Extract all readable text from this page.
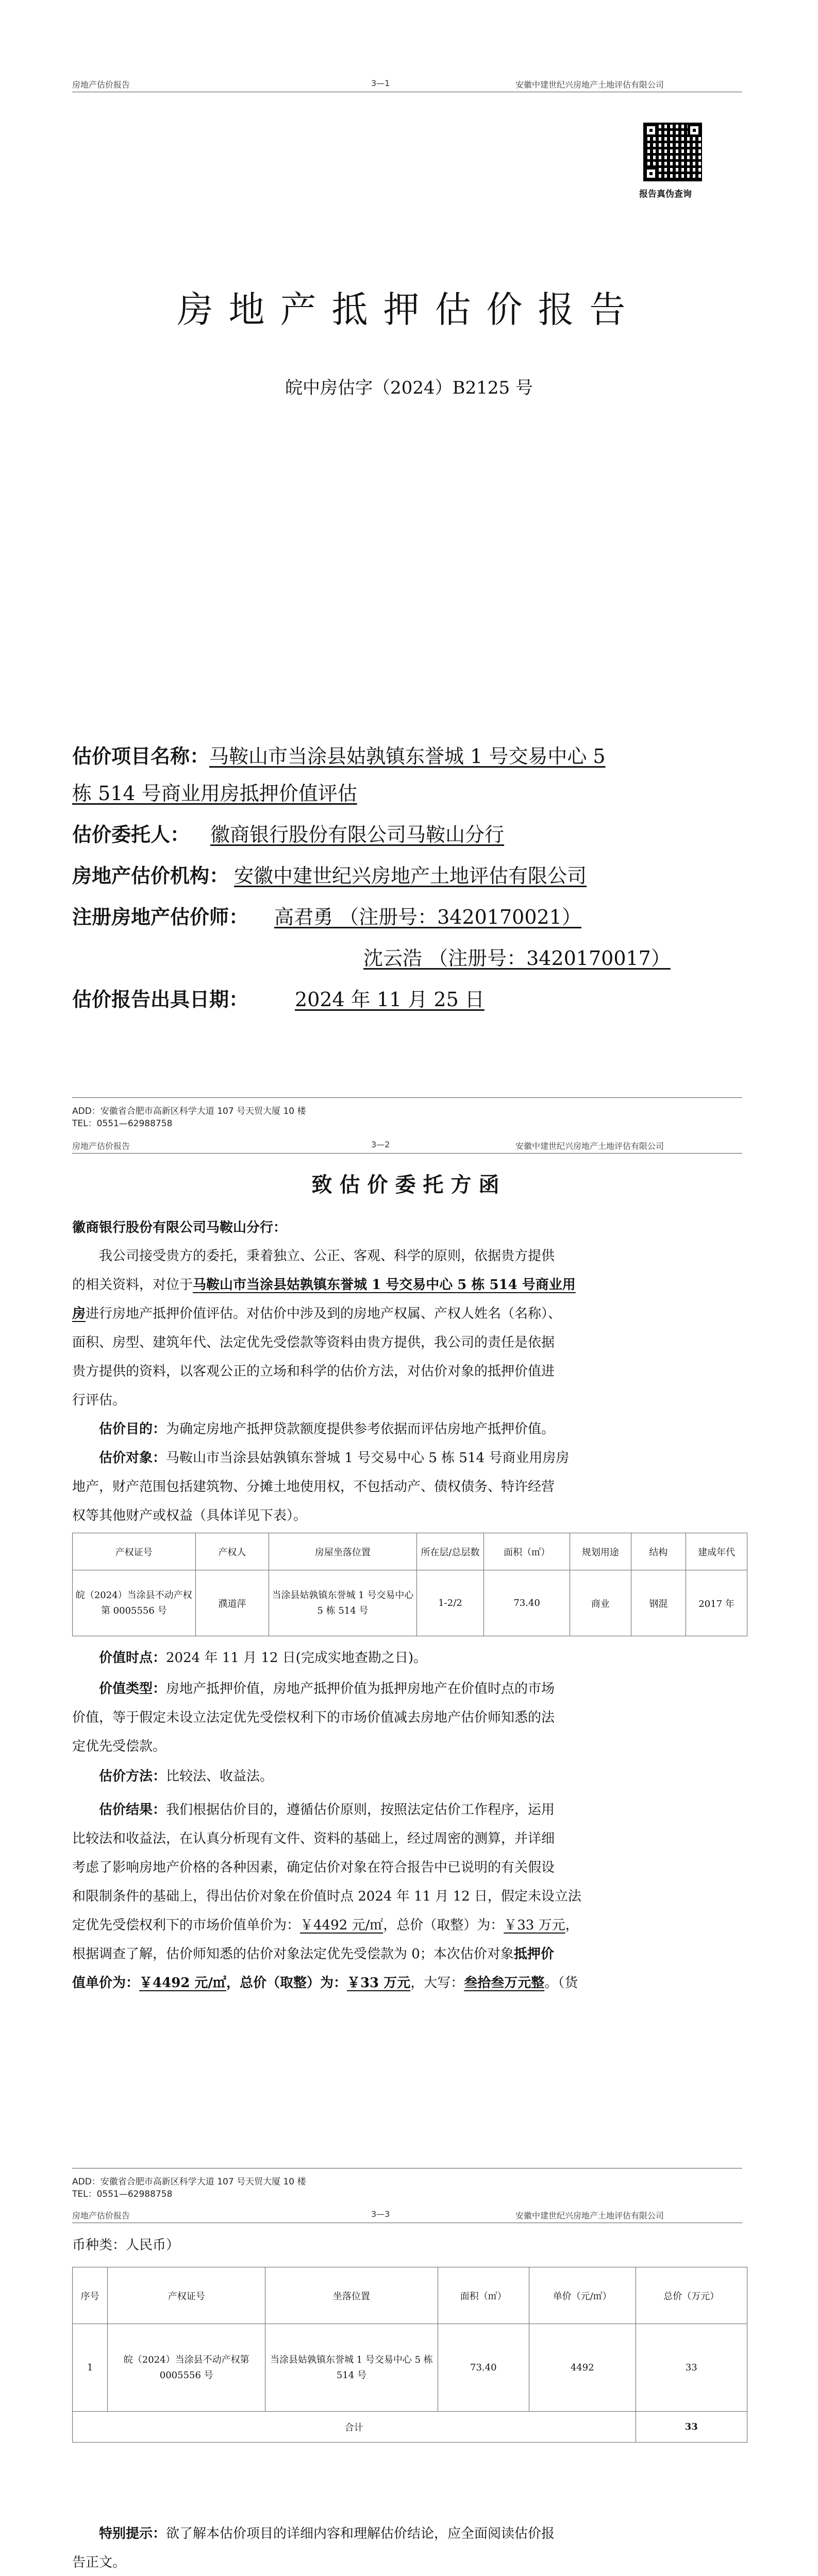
房地产估价报告	3—1	安徽中建世纪兴房地产土地评估有限公司
报告真伪查询
房地产抵押估价报告
皖中房估字（2024）B2125 号
估价项目名称：马鞍山市当涂县姑孰镇东誉城 1 号交易中心 5
栋 514 号商业用房抵押价值评估
估价委托人： 徽商银行股份有限公司马鞍山分行
房地产估价机构： 安徽中建世纪兴房地产土地评估有限公司
注册房地产估价师： 高君勇 （注册号：3420170021）
沈云浩 （注册号：3420170017）
估价报告出具日期： 2024 年 11 月 25 日
ADD：安徽省合肥市高新区科学大道 107 号天贸大厦 10 楼
TEL：0551—62988758
房地产估价报告	3—2	安徽中建世纪兴房地产土地评估有限公司
致估价委托方函
徽商银行股份有限公司马鞍山分行：
我公司接受贵方的委托，秉着独立、公正、客观、科学的原则，依据贵方提供
的相关资料，对位于马鞍山市当涂县姑孰镇东誉城 1 号交易中心 5 栋 514 号商业用
房进行房地产抵押价值评估。对估价中涉及到的房地产权属、产权人姓名（名称）、
面积、房型、建筑年代、法定优先受偿款等资料由贵方提供，我公司的责任是依据
贵方提供的资料，以客观公正的立场和科学的估价方法，对估价对象的抵押价值进
行评估。
估价目的：为确定房地产抵押贷款额度提供参考依据而评估房地产抵押价值。
估价对象：马鞍山市当涂县姑孰镇东誉城 1 号交易中心 5 栋 514 号商业用房房
地产，财产范围包括建筑物、分摊土地使用权，不包括动产、债权债务、特许经营
权等其他财产或权益（具体详见下表）。
产权证号	产权人	房屋坐落位置	所在层/总层数	面积（㎡）	规划用途	结构	建成年代
皖（2024）当涂县不动产权第 0005556 号	濮道萍	当涂县姑孰镇东誉城 1 号交易中心 5 栋 514 号	1-2/2	73.40	商业	钢混	2017 年
价值时点：2024 年 11 月 12 日(完成实地查勘之日)。
价值类型：房地产抵押价值，房地产抵押价值为抵押房地产在价值时点的市场
价值，等于假定未设立法定优先受偿权利下的市场价值减去房地产估价师知悉的法
定优先受偿款。
估价方法：比较法、收益法。
估价结果：我们根据估价目的，遵循估价原则，按照法定估价工作程序，运用
比较法和收益法，在认真分析现有文件、资料的基础上，经过周密的测算，并详细
考虑了影响房地产价格的各种因素，确定估价对象在符合报告中已说明的有关假设
和限制条件的基础上，得出估价对象在价值时点 2024 年 11 月 12 日，假定未设立法
定优先受偿权利下的市场价值单价为：￥4492 元/㎡，总价（取整）为：￥33 万元，
根据调查了解，估价师知悉的估价对象法定优先受偿款为 0；本次估价对象抵押价
值单价为：￥4492 元/㎡，总价（取整）为：￥33 万元，大写：叁拾叁万元整。（货
ADD：安徽省合肥市高新区科学大道 107 号天贸大厦 10 楼
TEL：0551—62988758
房地产估价报告	3—3	安徽中建世纪兴房地产土地评估有限公司
币种类：人民币）
序号	产权证号	坐落位置	面积（㎡）	单价（元/㎡）	总价（万元）
1	皖（2024）当涂县不动产权第 0005556 号	当涂县姑孰镇东誉城 1 号交易中心 5 栋 514 号	73.40	4492	33
合计					33
特别提示：欲了解本估价项目的详细内容和理解估价结论，应全面阅读估价报
告正文。
